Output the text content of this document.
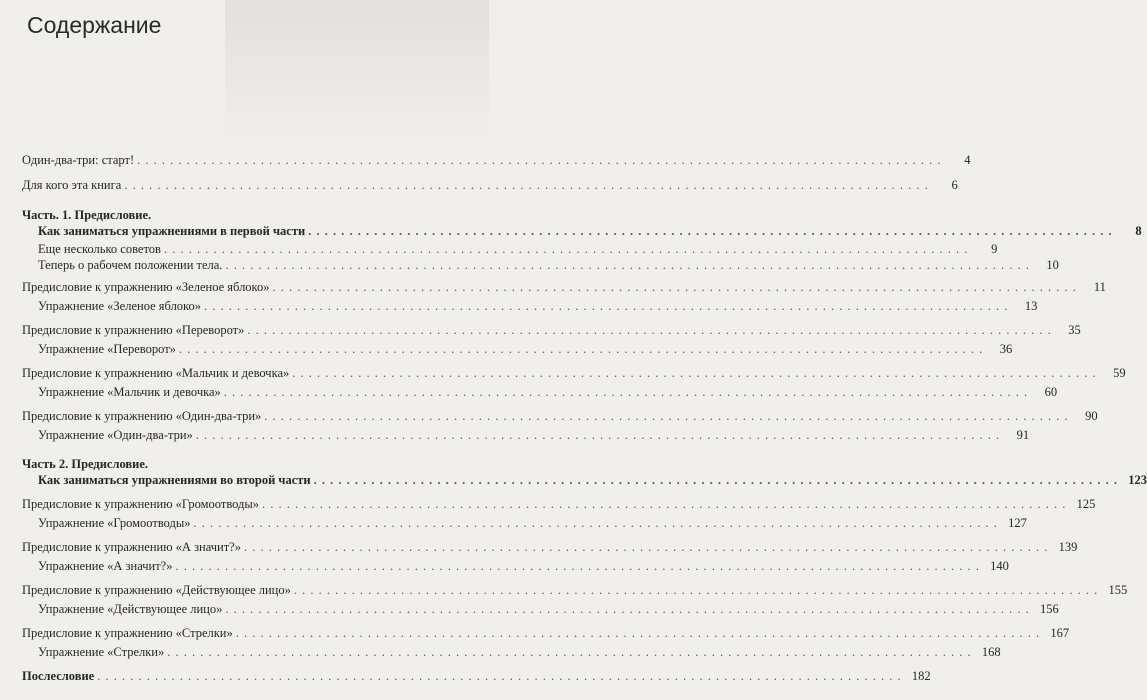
Содержание
Один-два-три: старт! . . .	4
Для кого эта книга . . .	6
Часть. 1. Предисловие.
Как заниматься упражнениями в первой части . . .	8
Еще несколько советов . . .	9
Теперь о рабочем положении тела. . . .	10
Предисловие к упражнению «Зеленое яблоко» . . .	11
Упражнение «Зеленое яблоко» . . .	13
Предисловие к упражнению «Переворот» . . .	35
Упражнение «Переворот» . . .	36
Предисловие к упражнению «Мальчик и девочка» . . .	59
Упражнение «Мальчик и девочка» . . .	60
Предисловие к упражнению «Один-два-три» . . .	90
Упражнение «Один-два-три» . . .	91
Часть 2. Предисловие.
Как заниматься упражнениями во второй части . . .	123
Предисловие к упражнению «Громоотводы» . . .	125
Упражнение «Громоотводы» . . .	127
Предисловие к упражнению «А значит?» . . .	139
Упражнение «А значит?» . . .	140
Предисловие к упражнению «Действующее лицо» . . .	155
Упражнение «Действующее лицо» . . .	156
Предисловие к упражнению «Стрелки» . . .	167
Упражнение «Стрелки» . . .	168
Послесловие . . .	182
